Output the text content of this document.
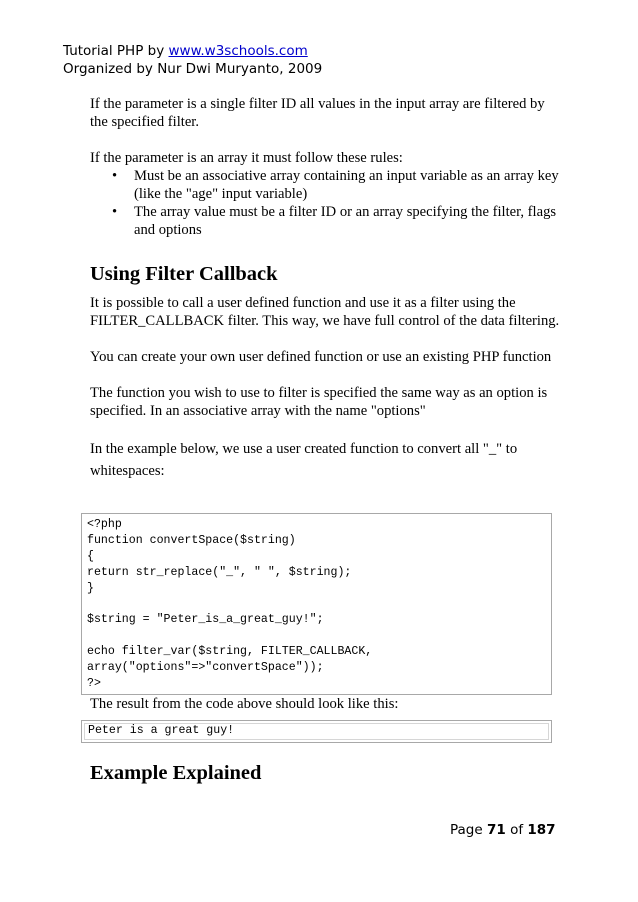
Tutorial PHP by www.w3schools.com
Organized by Nur Dwi Muryanto, 2009

If the parameter is a single filter ID all values in the input array are filtered by the specified filter.

If the parameter is an array it must follow these rules:

• Must be an associative array containing an input variable as an array key (like the "age" input variable)
• The array value must be a filter ID or an array specifying the filter, flags and options
Using Filter Callback

It is possible to call a user defined function and use it as a filter using the FILTER_CALLBACK filter. This way, we have full control of the data filtering.

You can create your own user defined function or use an existing PHP function

The function you wish to use to filter is specified the same way as an option is specified. In an associative array with the name "options"

In the example below, we use a user created function to convert all "_" to whitespaces:

<?php
function convertSpace($string)
{
return str_replace("_", " ", $string);
}

$string = "Peter_is_a_great_guy!";

echo filter_var($string, FILTER_CALLBACK,
array("options"=>"convertSpace"));
?>
The result from the code above should look like this:
Peter is a great guy!
Example Explained
Page 71 of 187
